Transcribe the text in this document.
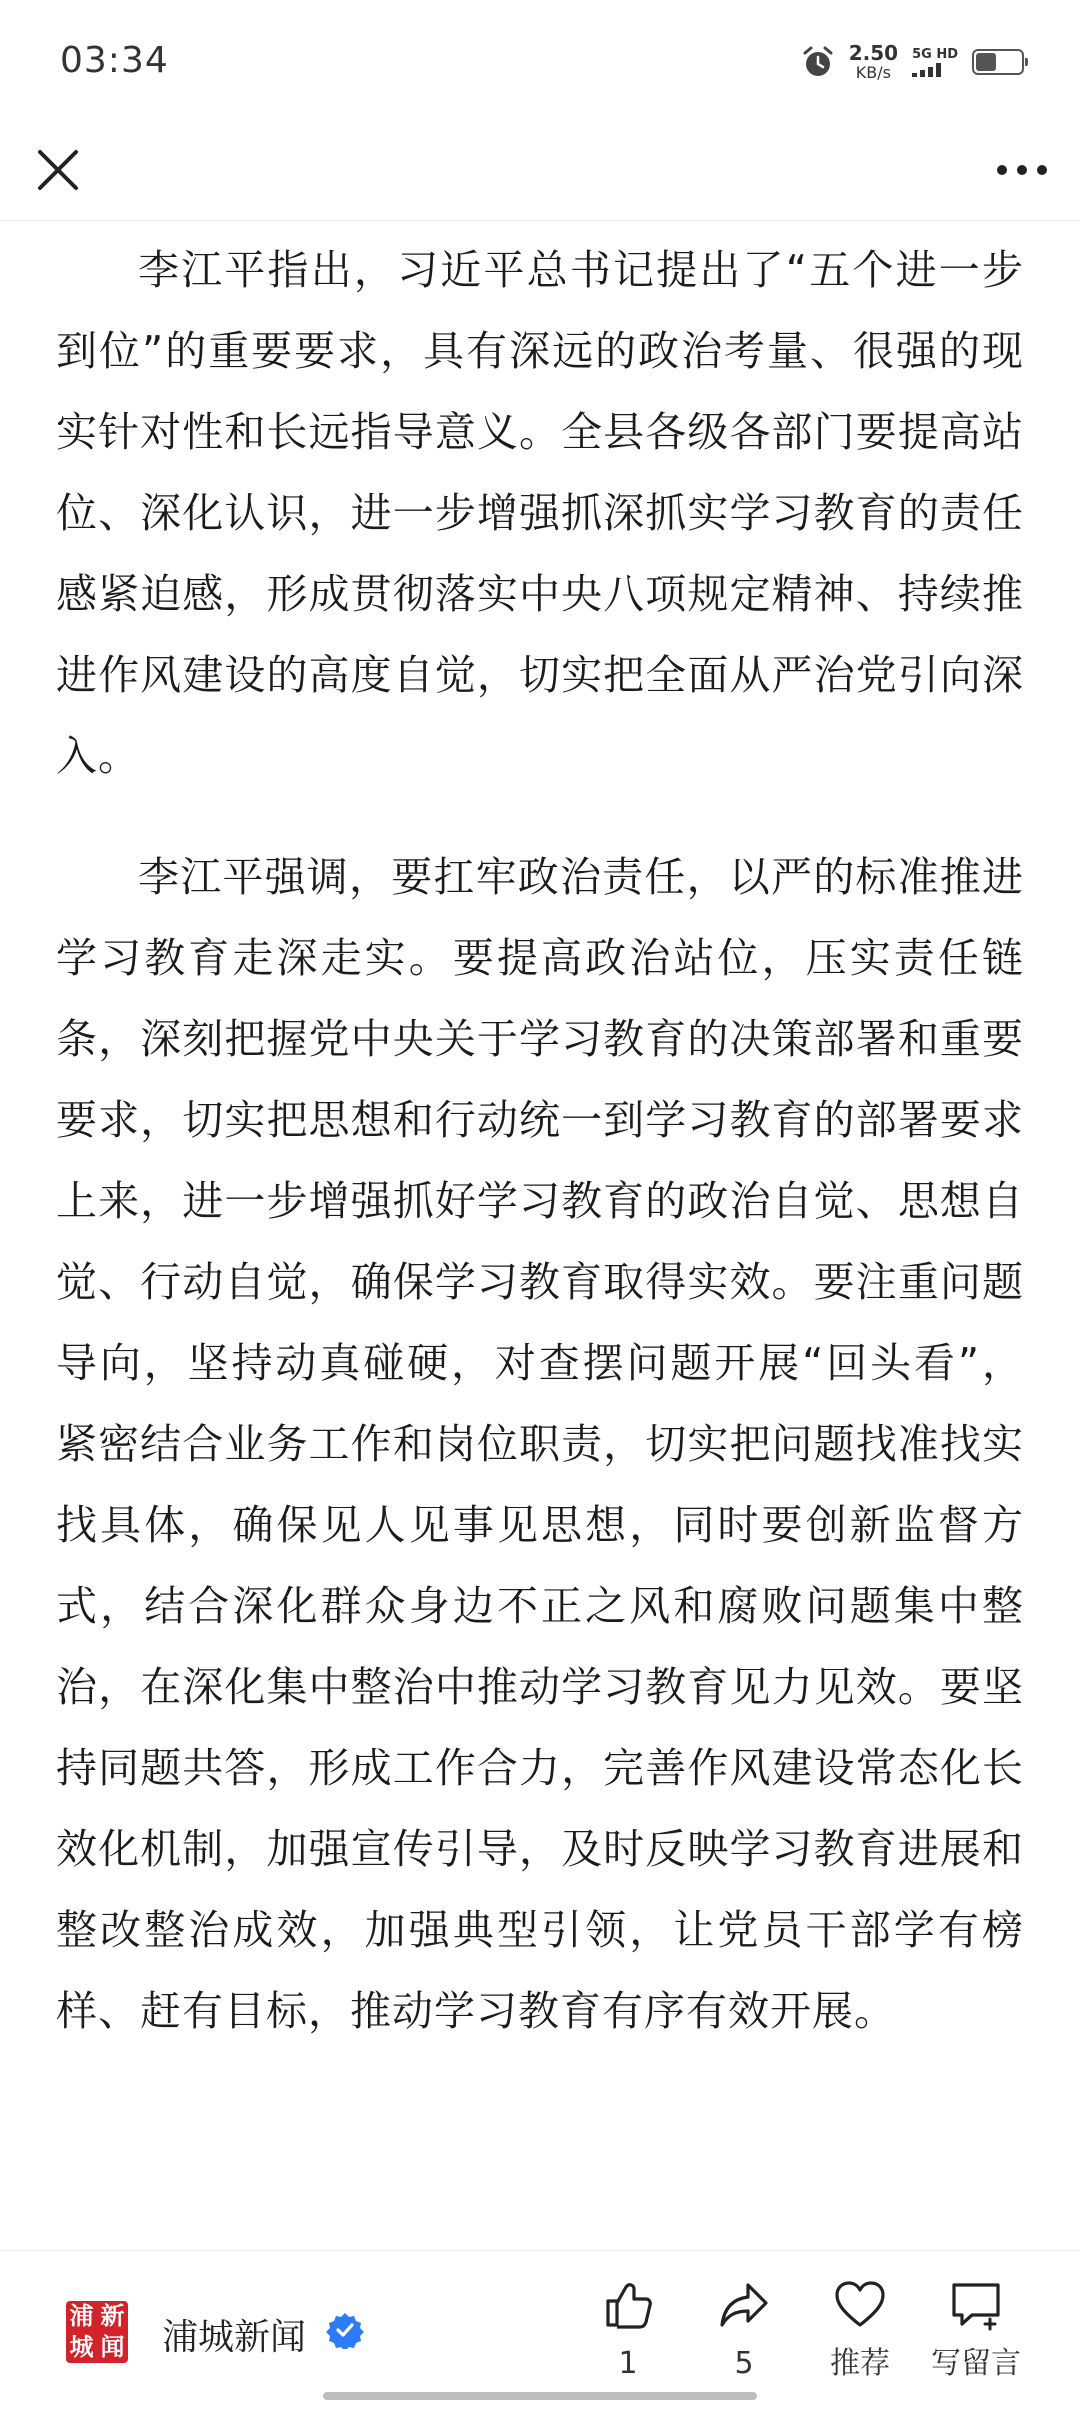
03:34	2.50
KB/s
5G HD

李江平指出，习近平总书记提出了“五个进一步到位”的重要要求，具有深远的政治考量、很强的现实针对性和长远指导意义。全县各级各部门要提高站位、深化认识，进一步增强抓深抓实学习教育的责任感紧迫感，形成贯彻落实中央八项规定精神、持续推进作风建设的高度自觉，切实把全面从严治党引向深入。

李江平强调，要扛牢政治责任，以严的标准推进学习教育走深走实。要提高政治站位，压实责任链条，深刻把握党中央关于学习教育的决策部署和重要要求，切实把思想和行动统一到学习教育的部署要求上来，进一步增强抓好学习教育的政治自觉、思想自觉、行动自觉，确保学习教育取得实效。要注重问题导向，坚持动真碰硬，对查摆问题开展“回头看”，紧密结合业务工作和岗位职责，切实把问题找准找实找具体，确保见人见事见思想，同时要创新监督方式，结合深化群众身边不正之风和腐败问题集中整治，在深化集中整治中推动学习教育见力见效。要坚持同题共答，形成工作合力，完善作风建设常态化长效化机制，加强宣传引导，及时反映学习教育进展和整改整治成效，加强典型引领，让党员干部学有榜样、赶有目标，推动学习教育有序有效开展。

浦 新
城 闻 浦城新闻
1	5	推荐	写留言
